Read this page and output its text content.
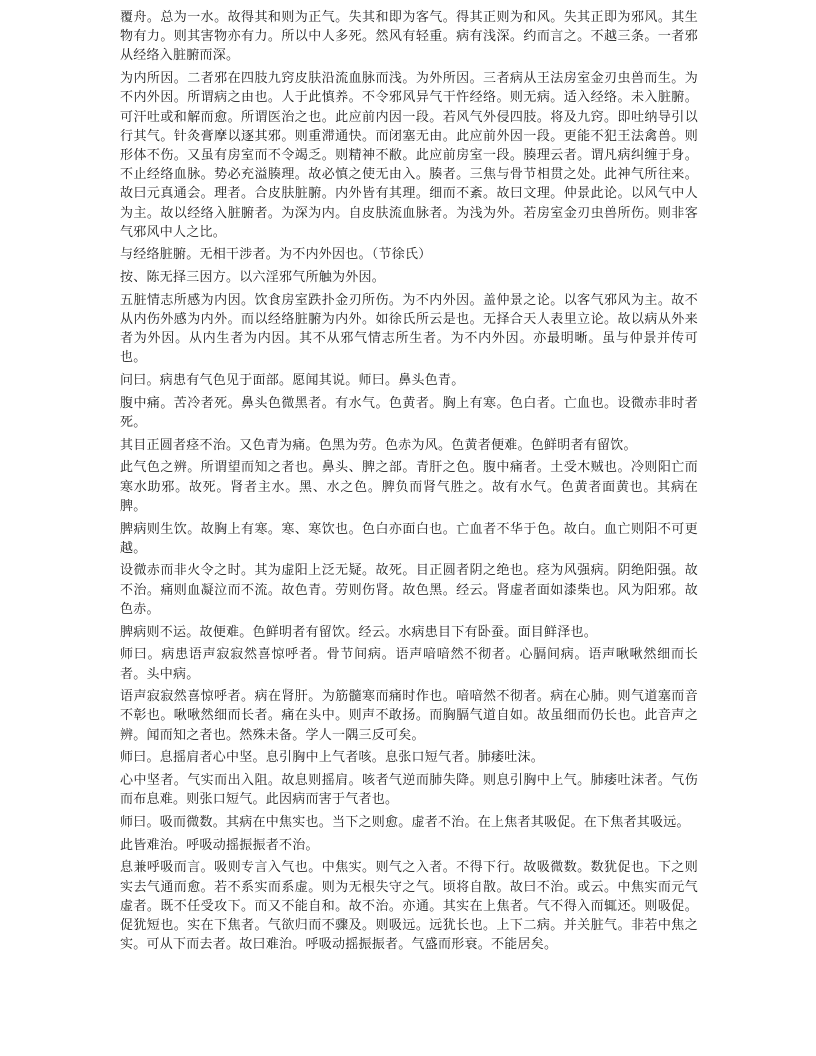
覆舟。总为一水。故得其和则为正气。失其和即为客气。得其正则为和风。失其正即为邪风。其生物有力。则其害物亦有力。所以中人多死。然风有轻重。病有浅深。约而言之。不越三条。一者邪从经络入脏腑而深。

为内所因。二者邪在四肢九窍皮肤沿流血脉而浅。为外所因。三者病从王法房室金刃虫兽而生。为不内外因。所谓病之由也。人于此慎养。不令邪风异气干忤经络。则无病。适入经络。未入脏腑。可汗吐或和解而愈。所谓医治之也。此应前内因一段。若风气外侵四肢。将及九窍。即吐纳导引以行其气。针灸膏摩以逐其邪。则重滞通快。而闭塞无由。此应前外因一段。更能不犯王法禽兽。则形体不伤。又虽有房室而不令竭乏。则精神不敝。此应前房室一段。腠理云者。谓凡病纠缠于身。不止经络血脉。势必充溢腠理。故必慎之使无由入。腠者。三焦与骨节相贯之处。此神气所往来。故曰元真通会。理者。合皮肤脏腑。内外皆有其理。细而不紊。故曰文理。仲景此论。以风气中人为主。故以经络入脏腑者。为深为内。自皮肤流血脉者。为浅为外。若房室金刃虫兽所伤。则非客气邪风中人之比。

与经络脏腑。无相干涉者。为不内外因也。（节徐氏）

按、陈无择三因方。以六淫邪气所触为外因。

五脏情志所感为内因。饮食房室跌扑金刃所伤。为不内外因。盖仲景之论。以客气邪风为主。故不从内伤外感为内外。而以经络脏腑为内外。如徐氏所云是也。无择合天人表里立论。故以病从外来者为外因。从内生者为内因。其不从邪气情志所生者。为不内外因。亦最明晰。虽与仲景并传可也。

问曰。病患有气色见于面部。愿闻其说。师曰。鼻头色青。

腹中痛。苦冷者死。鼻头色微黑者。有水气。色黄者。胸上有寒。色白者。亡血也。设微赤非时者死。

其目正圆者痉不治。又色青为痛。色黑为劳。色赤为风。色黄者便难。色鲜明者有留饮。

此气色之辨。所谓望而知之者也。鼻头、脾之部。青肝之色。腹中痛者。土受木贼也。冷则阳亡而寒水助邪。故死。肾者主水。黑、水之色。脾负而肾气胜之。故有水气。色黄者面黄也。其病在脾。

脾病则生饮。故胸上有寒。寒、寒饮也。色白亦面白也。亡血者不华于色。故白。血亡则阳不可更越。

设微赤而非火令之时。其为虚阳上泛无疑。故死。目正圆者阴之绝也。痉为风强病。阴绝阳强。故不治。痛则血凝泣而不流。故色青。劳则伤肾。故色黑。经云。肾虚者面如漆柴也。风为阳邪。故色赤。

脾病则不运。故便难。色鲜明者有留饮。经云。水病患目下有卧蚕。面目鲜泽也。

师曰。病患语声寂寂然喜惊呼者。骨节间病。语声喑喑然不彻者。心膈间病。语声啾啾然细而长者。头中病。

语声寂寂然喜惊呼者。病在肾肝。为筋髓寒而痛时作也。喑喑然不彻者。病在心肺。则气道塞而音不彰也。啾啾然细而长者。痛在头中。则声不敢扬。而胸膈气道自如。故虽细而仍长也。此音声之辨。闻而知之者也。然殊未备。学人一隅三反可矣。

师曰。息摇肩者心中坚。息引胸中上气者咳。息张口短气者。肺痿吐沫。

心中坚者。气实而出入阻。故息则摇肩。咳者气逆而肺失降。则息引胸中上气。肺痿吐沫者。气伤而布息难。则张口短气。此因病而害于气者也。

师曰。吸而微数。其病在中焦实也。当下之则愈。虚者不治。在上焦者其吸促。在下焦者其吸远。

此皆难治。呼吸动摇振振者不治。

息兼呼吸而言。吸则专言入气也。中焦实。则气之入者。不得下行。故吸微数。数犹促也。下之则实去气通而愈。若不系实而系虚。则为无根失守之气。顷将自散。故曰不治。或云。中焦实而元气虚者。既不任受攻下。而又不能自和。故不治。亦通。其实在上焦者。气不得入而辄还。则吸促。促犹短也。实在下焦者。气欲归而不骤及。则吸远。远犹长也。上下二病。并关脏气。非若中焦之实。可从下而去者。故曰难治。呼吸动摇振振者。气盛而形衰。不能居矣。
